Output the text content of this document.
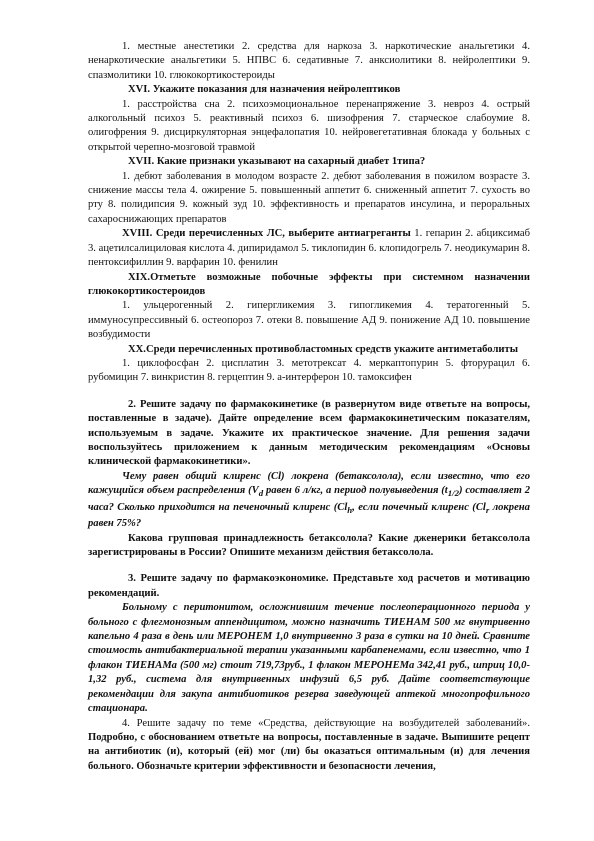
1. местные анестетики 2. средства для наркоза 3. наркотические анальгетики 4. ненаркотические анальгетики 5. НПВС 6. седативные 7. анксиолитики 8. нейролептики 9. спазмолитики 10. глюкокортикостероиды

XVI. Укажите показания для назначения нейролептиков

1. расстройства сна 2. психоэмоциональное перенапряжение 3. невроз 4. острый алкогольный психоз 5. реактивный психоз 6. шизофрения 7. старческое слабоумие 8. олигофрения 9. дисциркуляторная энцефалопатия 10. нейровегетативная блокада у больных с открытой черепно-мозговой травмой

XVII. Какие признаки указывают на сахарный диабет 1типа?

1. дебют заболевания в молодом возрасте 2. дебют заболевания в пожилом возрасте 3. снижение массы тела 4. ожирение 5. повышенный аппетит 6. сниженный аппетит 7. сухость во рту 8. полидипсия 9. кожный зуд 10. эффективность и препаратов инсулина, и пероральных сахароснижающих препаратов

XVIII. Среди перечисленных ЛС, выберите антиагреганты 1. гепарин 2. абциксимаб 3. ацетилсалициловая кислота 4. дипиридамол 5. тиклопидин 6. клопидогрель 7. неодикумарин 8. пентоксифиллин 9. варфарин 10. фенилин

XIX.Отметьте возможные побочные эффекты при системном назначении глюкокортикостероидов

1. ульцерогенный 2. гипергликемия 3. гипогликемия 4. тератогенный 5. иммуносупрессивный 6. остеопороз 7. отеки 8. повышение АД 9. понижение АД 10. повышение возбудимости

XX.Среди перечисленных противобластомных средств укажите антиметаболиты

1. циклофосфан 2. цисплатин 3. метотрексат 4. меркаптопурин 5. фторурацил 6. рубомицин 7. винкристин 8. герцептин 9. а-интерферон 10. тамоксифен

2. Решите задачу по фармакокинетике (в развернутом виде ответьте на вопросы, поставленные в задаче). Дайте определение всем фармакокинетическим показателям, используемым в задаче. Укажите их практическое значение. Для решения задачи воспользуйтесь приложением к данным методическим рекомендациям «Основы клинической фармакокинетики».

Чему равен общий клиренс (Cl) локрена (бетаксолола), если известно, что его кажущийся объем распределения ($V_d$ равен 6 л/кг, а период полувыведения $(t_{1/2})$ составляет 2 часа? Сколько приходится на печеночный клиренс ($Cl_h$, если почечный клиренс ($Cl_r$ локрена равен 75%?

Какова групповая принадлежность бетаксолола? Какие дженерики бетаксолола зарегистрированы в России? Опишите механизм действия бетаксолола.

3. Решите задачу по фармакоэкономике. Представьте ход расчетов и мотивацию рекомендаций.

Больному с перитонитом, осложнившим течение послеоперационного периода у больного с флегмонозным аппендицитом, можно назначить ТИЕНАМ 500 мг внутривенно капельно 4 раза в день или МЕРОНЕМ 1,0 внутривенно 3 раза в сутки на 10 дней. Сравните стоимость антибактериальной терапии указанными карбапенемами, если известно, что 1 флакон ТИЕНАМа (500 мг) стоит 719,73руб., 1 флакон МЕРОНЕМа 342,41 руб., шприц 10,0- 1,32 руб., система для внутривенных инфузий 6,5 руб. Дайте соответствующие рекомендации для закупа антибиотиков резерва заведующей аптекой многопрофильного стационара.

4. Решите задачу по теме «Средства, действующие на возбудителей заболеваний». Подробно, с обоснованием ответьте на вопросы, поставленные в задаче. Выпишите рецепт на антибиотик (и), который (ей) мог (ли) бы оказаться оптимальным (и) для лечения больного. Обозначьте критерии эффективности и безопасности лечения,
